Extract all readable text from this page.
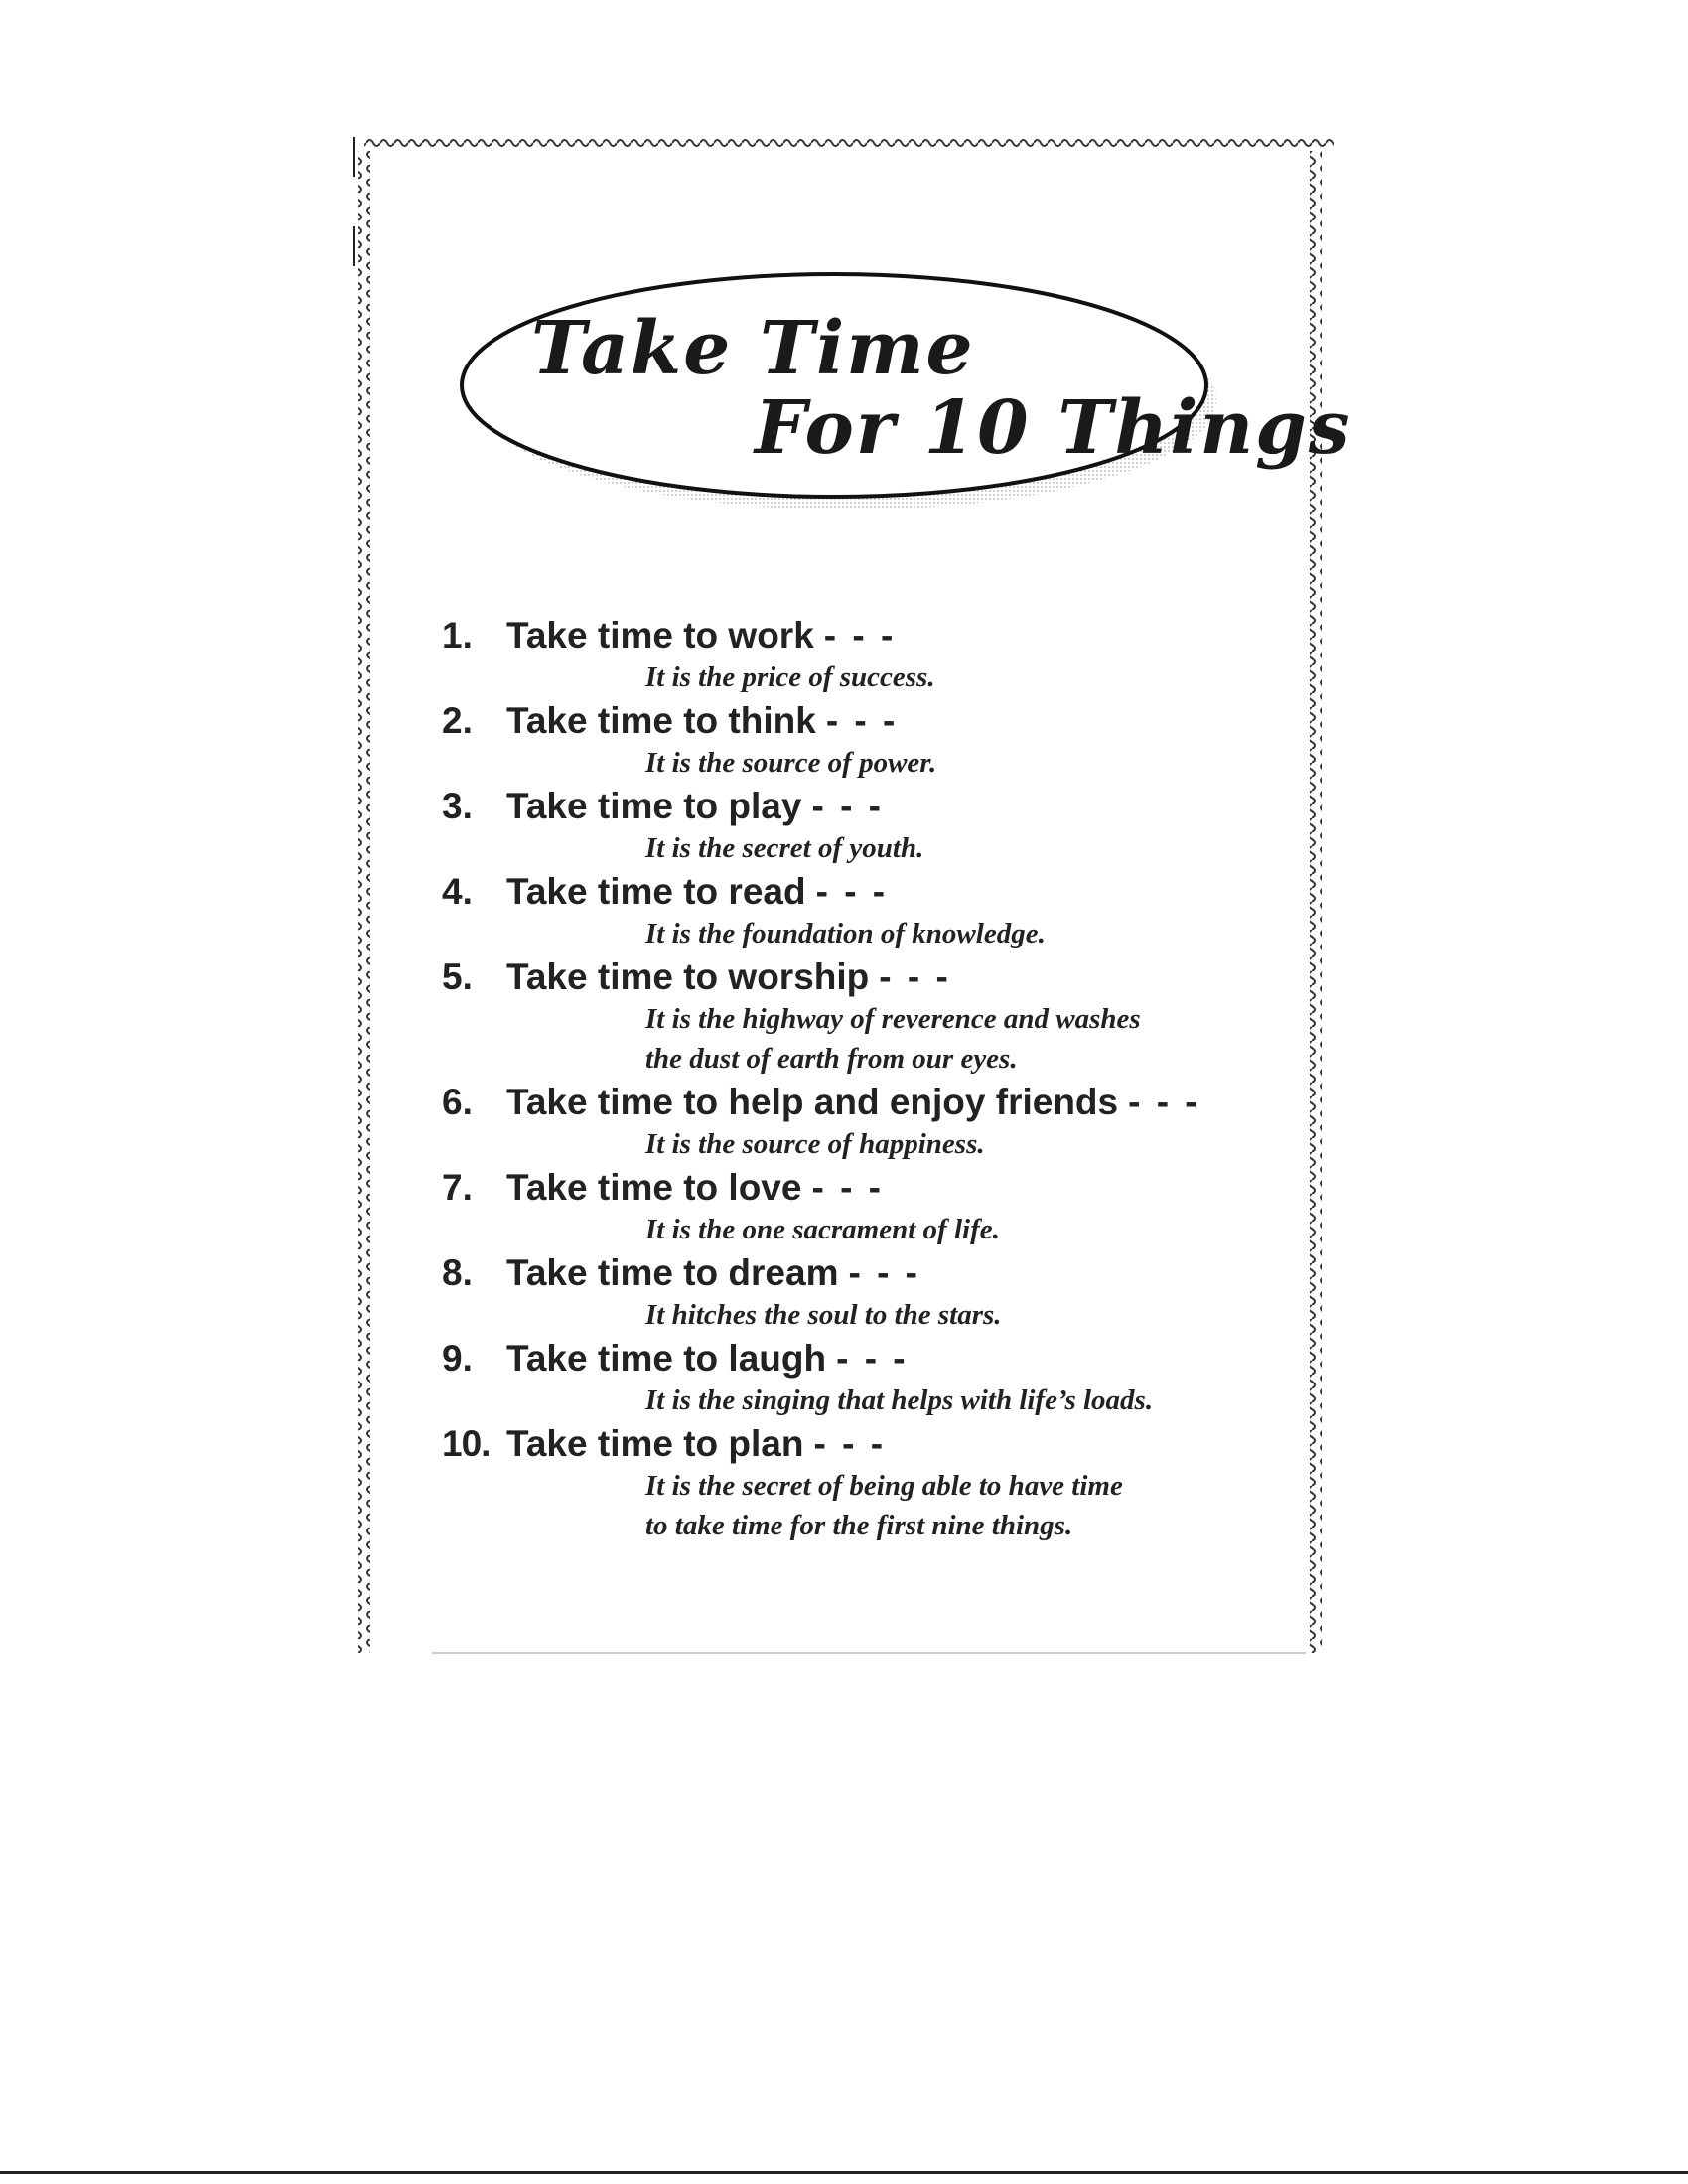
Take Time
For 10 Things
1. Take time to work - - -
It is the price of success.
2. Take time to think - - -
It is the source of power.
3. Take time to play - - -
It is the secret of youth.
4. Take time to read - - -
It is the foundation of knowledge.
5. Take time to worship - - -
It is the highway of reverence and washes
the dust of earth from our eyes.
6. Take time to help and enjoy friends - - -
It is the source of happiness.
7. Take time to love - - -
It is the one sacrament of life.
8. Take time to dream - - -
It hitches the soul to the stars.
9. Take time to laugh - - -
It is the singing that helps with life’s loads.
10. Take time to plan - - -
It is the secret of being able to have time
to take time for the first nine things.
